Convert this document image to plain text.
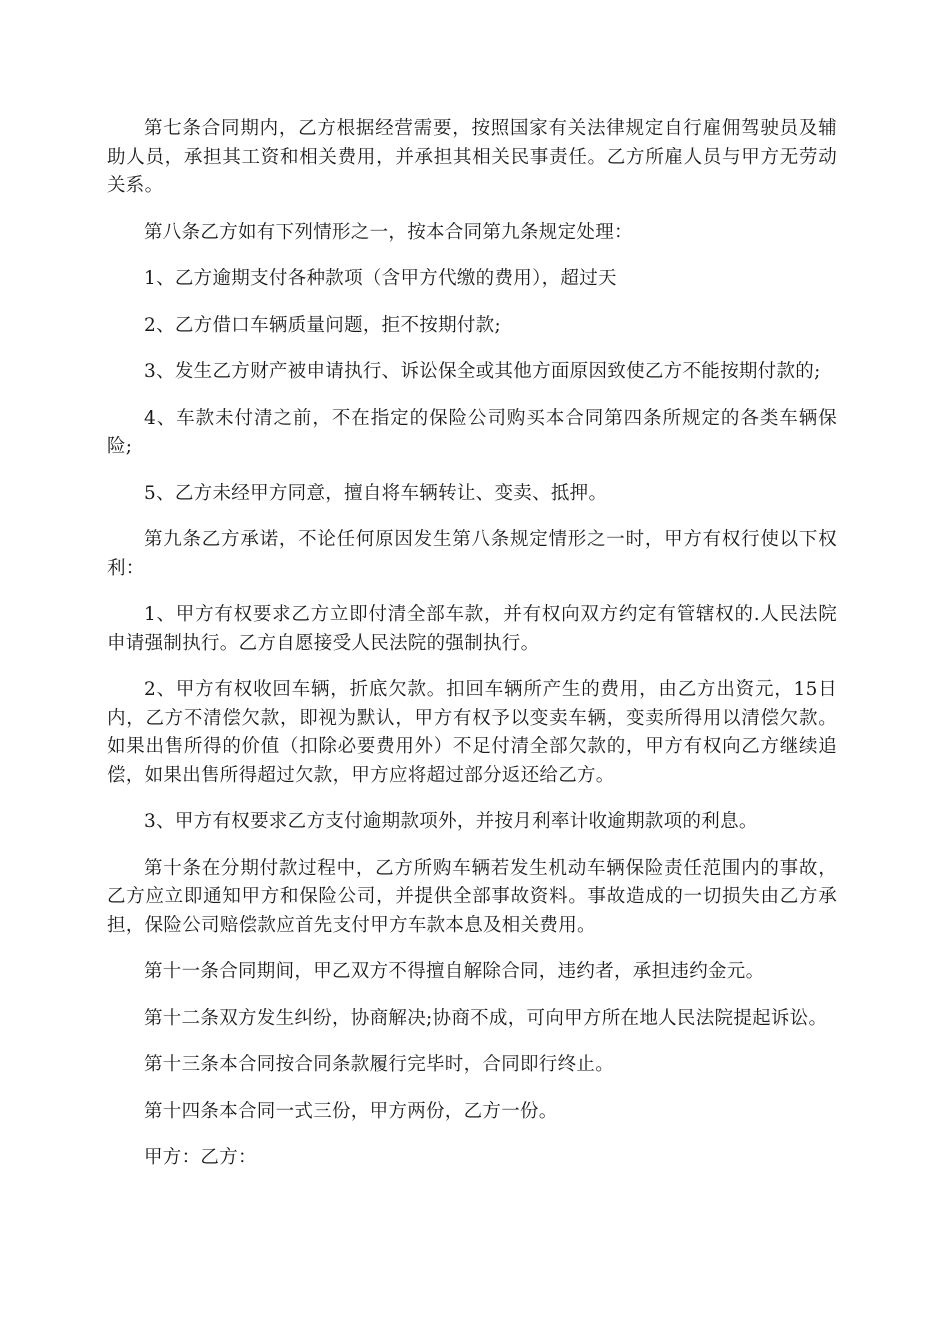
第七条合同期内，乙方根据经营需要，按照国家有关法律规定自行雇佣驾驶员及辅助人员，承担其工资和相关费用，并承担其相关民事责任。乙方所雇人员与甲方无劳动关系。

第八条乙方如有下列情形之一，按本合同第九条规定处理：

1、乙方逾期支付各种款项（含甲方代缴的费用），超过天

2、乙方借口车辆质量问题，拒不按期付款;

3、发生乙方财产被申请执行、诉讼保全或其他方面原因致使乙方不能按期付款的;

4、车款未付清之前，不在指定的保险公司购买本合同第四条所规定的各类车辆保险;

5、乙方未经甲方同意，擅自将车辆转让、变卖、抵押。

第九条乙方承诺，不论任何原因发生第八条规定情形之一时，甲方有权行使以下权利：

1、甲方有权要求乙方立即付清全部车款，并有权向双方约定有管辖权的.人民法院申请强制执行。乙方自愿接受人民法院的强制执行。

2、甲方有权收回车辆，折底欠款。扣回车辆所产生的费用，由乙方出资元，15日内，乙方不清偿欠款，即视为默认，甲方有权予以变卖车辆，变卖所得用以清偿欠款。如果出售所得的价值（扣除必要费用外）不足付清全部欠款的，甲方有权向乙方继续追偿，如果出售所得超过欠款，甲方应将超过部分返还给乙方。

3、甲方有权要求乙方支付逾期款项外，并按月利率计收逾期款项的利息。

第十条在分期付款过程中，乙方所购车辆若发生机动车辆保险责任范围内的事故，乙方应立即通知甲方和保险公司，并提供全部事故资料。事故造成的一切损失由乙方承担，保险公司赔偿款应首先支付甲方车款本息及相关费用。

第十一条合同期间，甲乙双方不得擅自解除合同，违约者，承担违约金元。

第十二条双方发生纠纷，协商解决;协商不成，可向甲方所在地人民法院提起诉讼。

第十三条本合同按合同条款履行完毕时，合同即行终止。

第十四条本合同一式三份，甲方两份，乙方一份。

甲方：乙方：
